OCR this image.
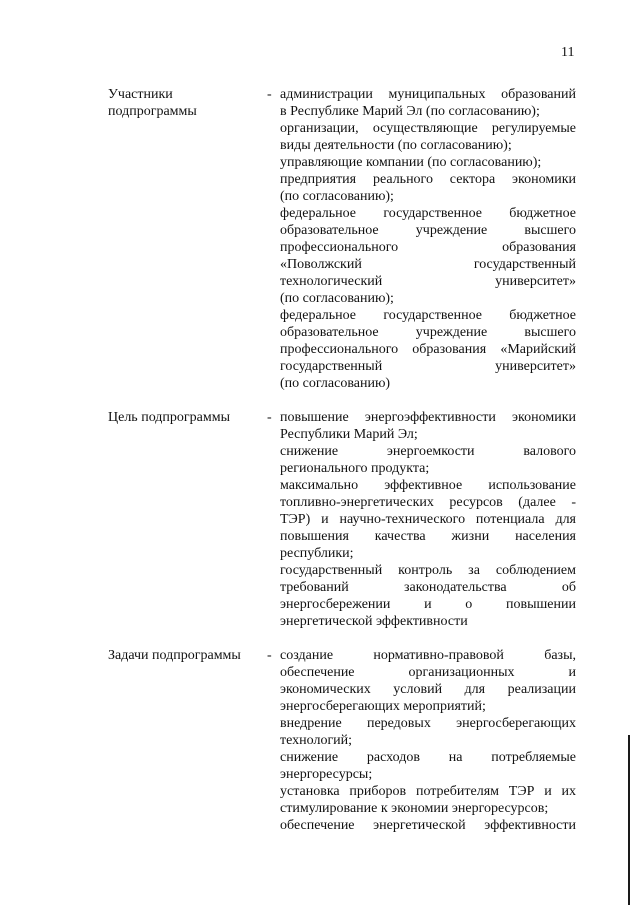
11
Участники подпрограммы
- администрации муниципальных образований
в Республике Марий Эл (по согласованию);
организации, осуществляющие регулируемые
виды деятельности (по согласованию);
управляющие компании (по согласованию);
предприятия реального сектора экономики
(по согласованию);
федеральное государственное бюджетное
образовательное учреждение высшего
профессионального образования
«Поволжский государственный
технологический университет»
(по согласованию);
федеральное государственное бюджетное
образовательное учреждение высшего
профессионального образования «Марийский
государственный университет»
(по согласованию)
Цель подпрограммы	- повышение энергоэффективности экономики
Республики Марий Эл;
снижение энергоемкости валового
регионального продукта;
максимально эффективное использование
топливно-энергетических ресурсов (далее -
ТЭР) и научно-технического потенциала для
повышения качества жизни населения
республики;
государственный контроль за соблюдением
требований законодательства об
энергосбережении и о повышении
энергетической эффективности
Задачи подпрограммы	- создание нормативно-правовой базы,
обеспечение организационных и
экономических условий для реализации
энергосберегающих мероприятий;
внедрение передовых энергосберегающих
технологий;
снижение расходов на потребляемые
энергоресурсы;
установка приборов потребителям ТЭР и их
стимулирование к экономии энергоресурсов;
обеспечение энергетической эффективности
